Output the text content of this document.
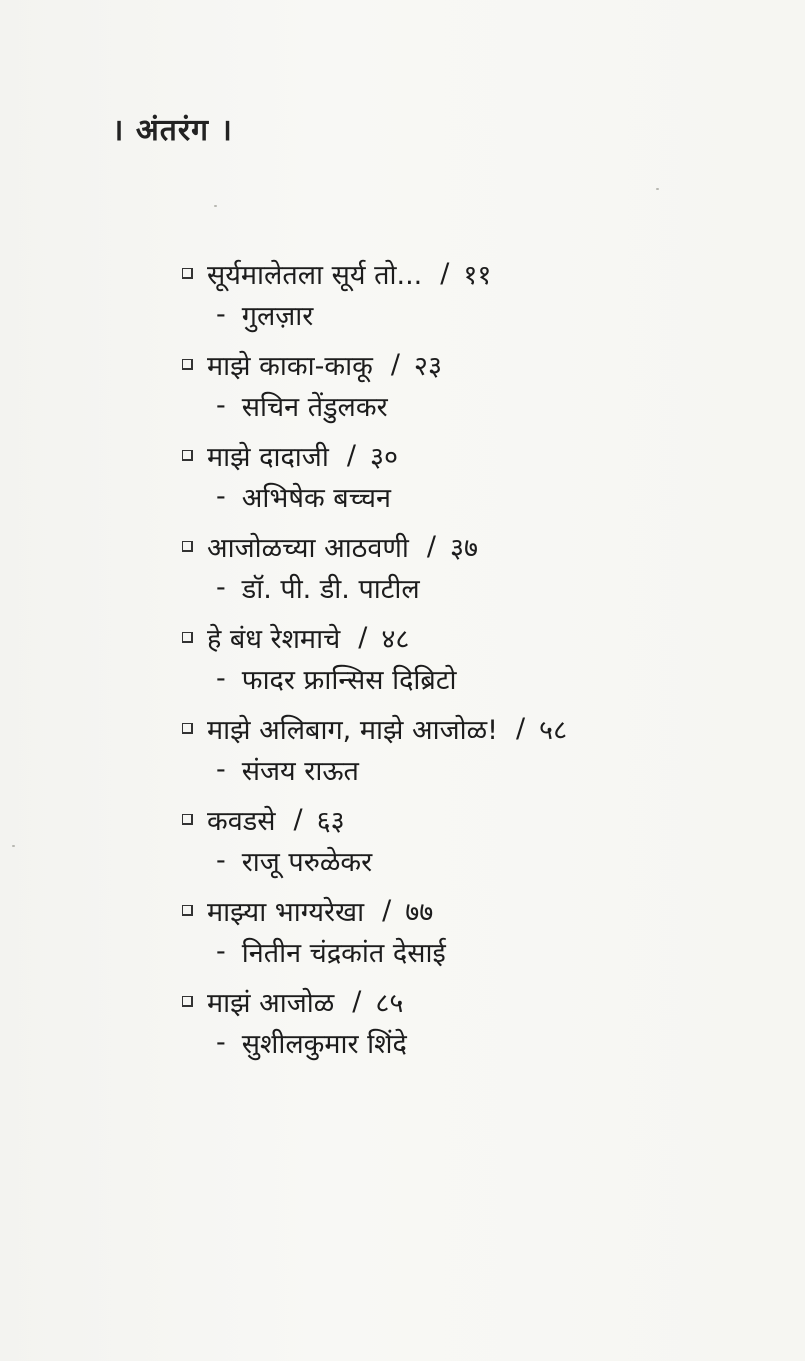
। अंतरंग ।
सूर्यमालेतला सूर्य तो... / ११
- गुलज़ार
माझे काका-काकू / २३
- सचिन तेंडुलकर
माझे दादाजी / ३०
- अभिषेक बच्चन
आजोळच्या आठवणी / ३७
- डॉ. पी. डी. पाटील
हे बंध रेशमाचे / ४८
- फादर फ्रान्सिस दिब्रिटो
माझे अलिबाग, माझे आजोळ! / ५८
- संजय राऊत
कवडसे / ६३
- राजू परुळेकर
माझ्या भाग्यरेखा / ७७
- नितीन चंद्रकांत देसाई
माझं आजोळ / ८५
- सुशीलकुमार शिंदे
